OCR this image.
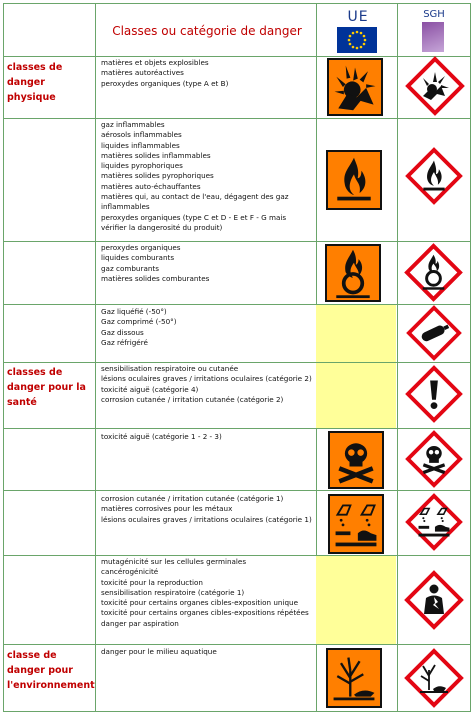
Classes ou catégorie de danger
UE	SGH
classes de danger physique
classes de danger pour la santé
classe de danger pour l'environnement
matières et objets explosibles
matières autoréactives
peroxydes organiques (type A et B)
gaz inflammables
aérosols inflammables
liquides inflammables
matières solides inflammables
liquides pyrophoriques
matières solides pyrophoriques
matières auto-échauffantes
matières qui, au contact de l'eau, dégagent des gaz inflammables
peroxydes organiques (type C et D - E et F - G mais vérifier la dangerosité du produit)
peroxydes organiques
liquides comburants
gaz comburants
matières solides comburantes
Gaz liquéfié (-50°)
Gaz comprimé (-50°)
Gaz dissous
Gaz réfrigéré
sensibilisation respiratoire ou cutanée
lésions oculaires graves / irritations oculaires (catégorie 2)
toxicité aiguë (catégorie 4)
corrosion cutanée / irritation cutanée (catégorie 2)
toxicité aiguë (catégorie 1 - 2 - 3)
corrosion cutanée / irritation cutanée (catégorie 1)
matières corrosives pour les métaux
lésions oculaires graves / irritations oculaires (catégorie 1)
mutagénicité sur les cellules germinales
cancérogénicité
toxicité pour la reproduction
sensibilisation respiratoire (catégorie 1)
toxicité pour certains organes cibles-exposition unique
toxicité pour certains organes cibles-expositions répétées
danger par aspiration
danger pour le milieu aquatique
